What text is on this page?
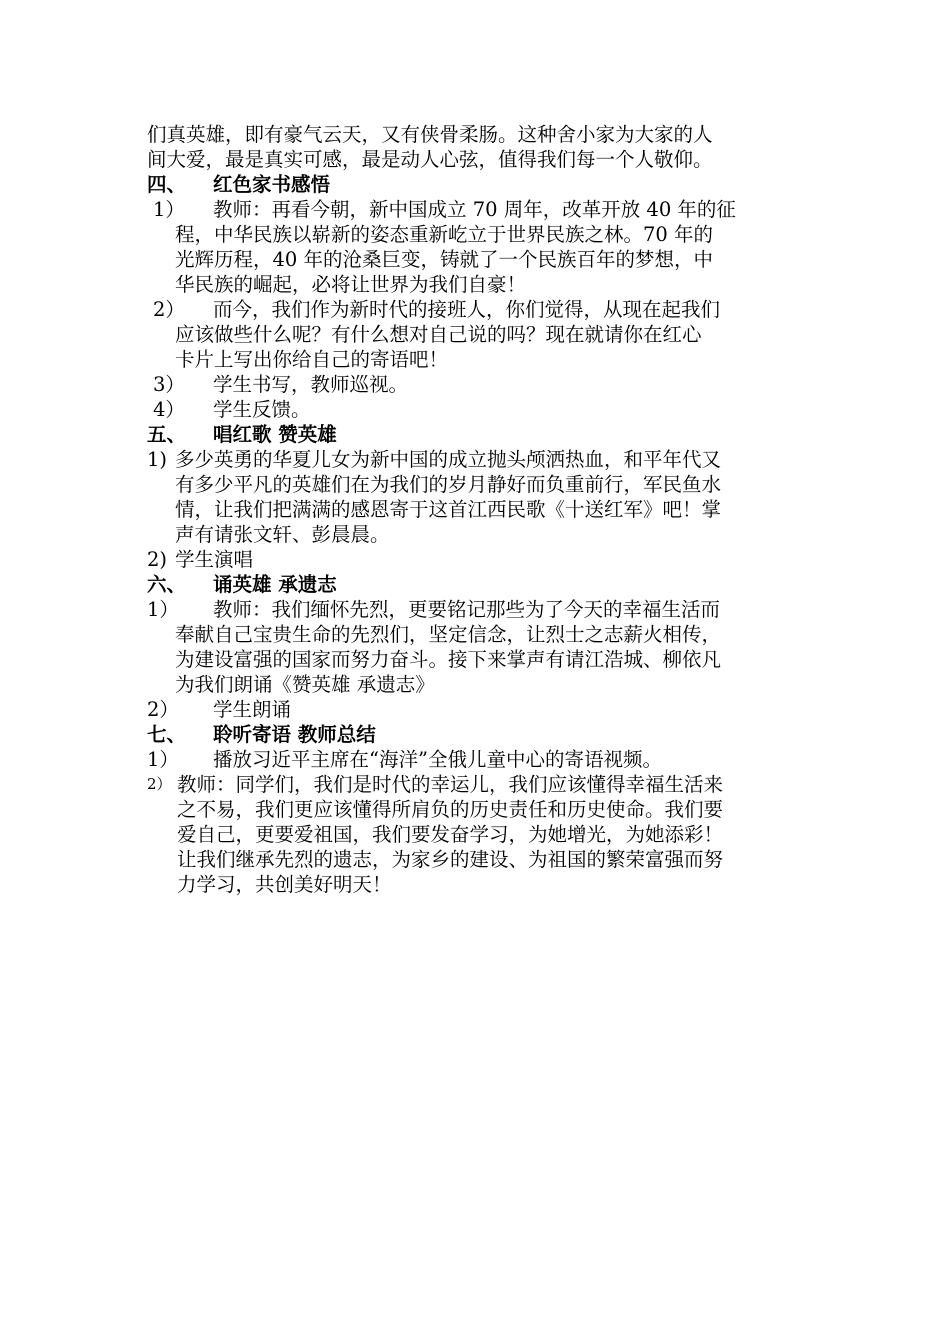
们真英雄，即有豪气云天，又有侠骨柔肠。这种舍小家为大家的人

间大爱，最是真实可感，最是动人心弦，值得我们每一个人敬仰。

四、	红色家书感悟
1）	教师：再看今朝，新中国成立 70 周年，改革开放 40 年的征
程，中华民族以崭新的姿态重新屹立于世界民族之林。70 年的
光辉历程，40 年的沧桑巨变，铸就了一个民族百年的梦想，中
华民族的崛起，必将让世界为我们自豪！
2）	而今，我们作为新时代的接班人，你们觉得，从现在起我们
应该做些什么呢？有什么想对自己说的吗？现在就请你在红心
卡片上写出你给自己的寄语吧！
3）	学生书写，教师巡视。
4）	学生反馈。
五、	唱红歌 赞英雄
1) 多少英勇的华夏儿女为新中国的成立抛头颅洒热血，和平年代又
有多少平凡的英雄们在为我们的岁月静好而负重前行，军民鱼水
情，让我们把满满的感恩寄于这首江西民歌《十送红军》吧！掌
声有请张文轩、彭晨晨。
2) 学生演唱
六、	诵英雄 承遗志
1）	教师：我们缅怀先烈，更要铭记那些为了今天的幸福生活而
奉献自己宝贵生命的先烈们，坚定信念，让烈士之志薪火相传，
为建设富强的国家而努力奋斗。接下来掌声有请江浩城、柳依凡
为我们朗诵《赞英雄 承遗志》
2）	学生朗诵
七、	聆听寄语 教师总结
1）	播放习近平主席在“海洋”全俄儿童中心的寄语视频。
2） 教师：同学们，我们是时代的幸运儿，我们应该懂得幸福生活来
之不易，我们更应该懂得所肩负的历史责任和历史使命。我们要
爱自己，更要爱祖国，我们要发奋学习，为她增光，为她添彩！
让我们继承先烈的遗志，为家乡的建设、为祖国的繁荣富强而努
力学习，共创美好明天！
